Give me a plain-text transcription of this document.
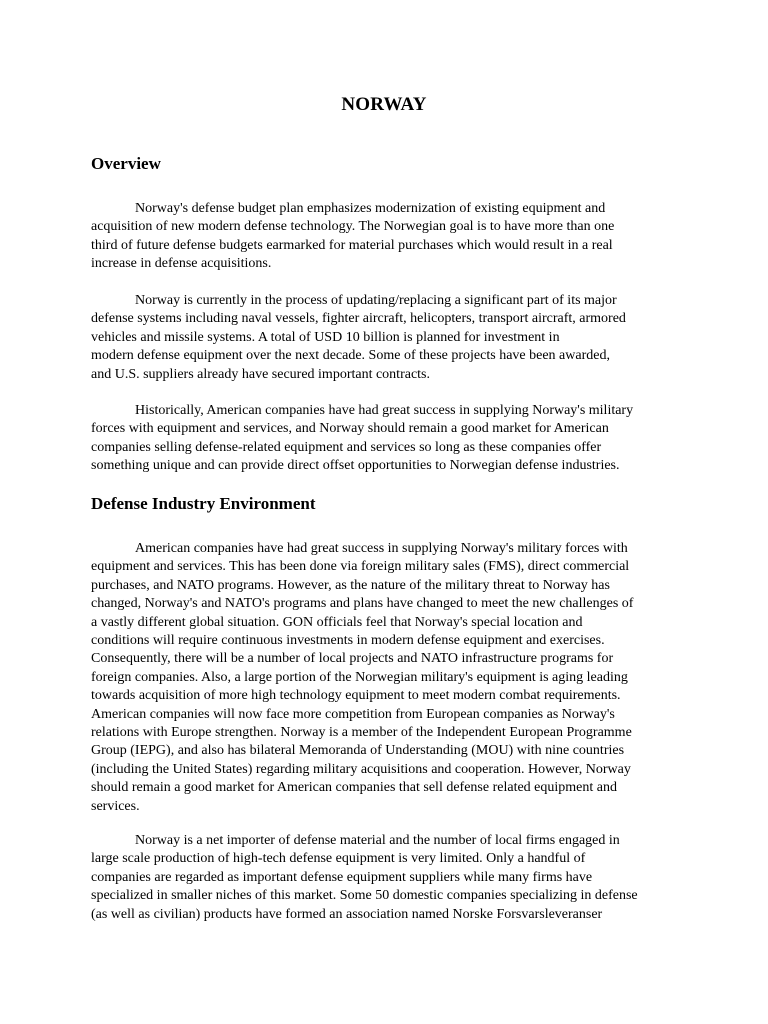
NORWAY
Overview

Norway's defense budget plan emphasizes modernization of existing equipment and
acquisition of new modern defense technology. The Norwegian goal is to have more than one
third of future defense budgets earmarked for material purchases which would result in a real
increase in defense acquisitions.

Norway is currently in the process of updating/replacing a significant part of its major
defense systems including naval vessels, fighter aircraft, helicopters, transport aircraft, armored
vehicles and missile systems. A total of USD 10 billion is planned for investment in
modern defense equipment over the next decade. Some of these projects have been awarded,
and U.S. suppliers already have secured important contracts.

Historically, American companies have had great success in supplying Norway's military
forces with equipment and services, and Norway should remain a good market for American
companies selling defense-related equipment and services so long as these companies offer
something unique and can provide direct offset opportunities to Norwegian defense industries.

Defense Industry Environment

American companies have had great success in supplying Norway's military forces with
equipment and services. This has been done via foreign military sales (FMS), direct commercial
purchases, and NATO programs. However, as the nature of the military threat to Norway has
changed, Norway's and NATO's programs and plans have changed to meet the new challenges of
a vastly different global situation. GON officials feel that Norway's special location and
conditions will require continuous investments in modern defense equipment and exercises.
Consequently, there will be a number of local projects and NATO infrastructure programs for
foreign companies. Also, a large portion of the Norwegian military's equipment is aging leading
towards acquisition of more high technology equipment to meet modern combat requirements.
American companies will now face more competition from European companies as Norway's
relations with Europe strengthen. Norway is a member of the Independent European Programme
Group (IEPG), and also has bilateral Memoranda of Understanding (MOU) with nine countries
(including the United States) regarding military acquisitions and cooperation. However, Norway
should remain a good market for American companies that sell defense related equipment and
services.

Norway is a net importer of defense material and the number of local firms engaged in
large scale production of high-tech defense equipment is very limited. Only a handful of
companies are regarded as important defense equipment suppliers while many firms have
specialized in smaller niches of this market. Some 50 domestic companies specializing in defense
(as well as civilian) products have formed an association named Norske Forsvarsleveranser
